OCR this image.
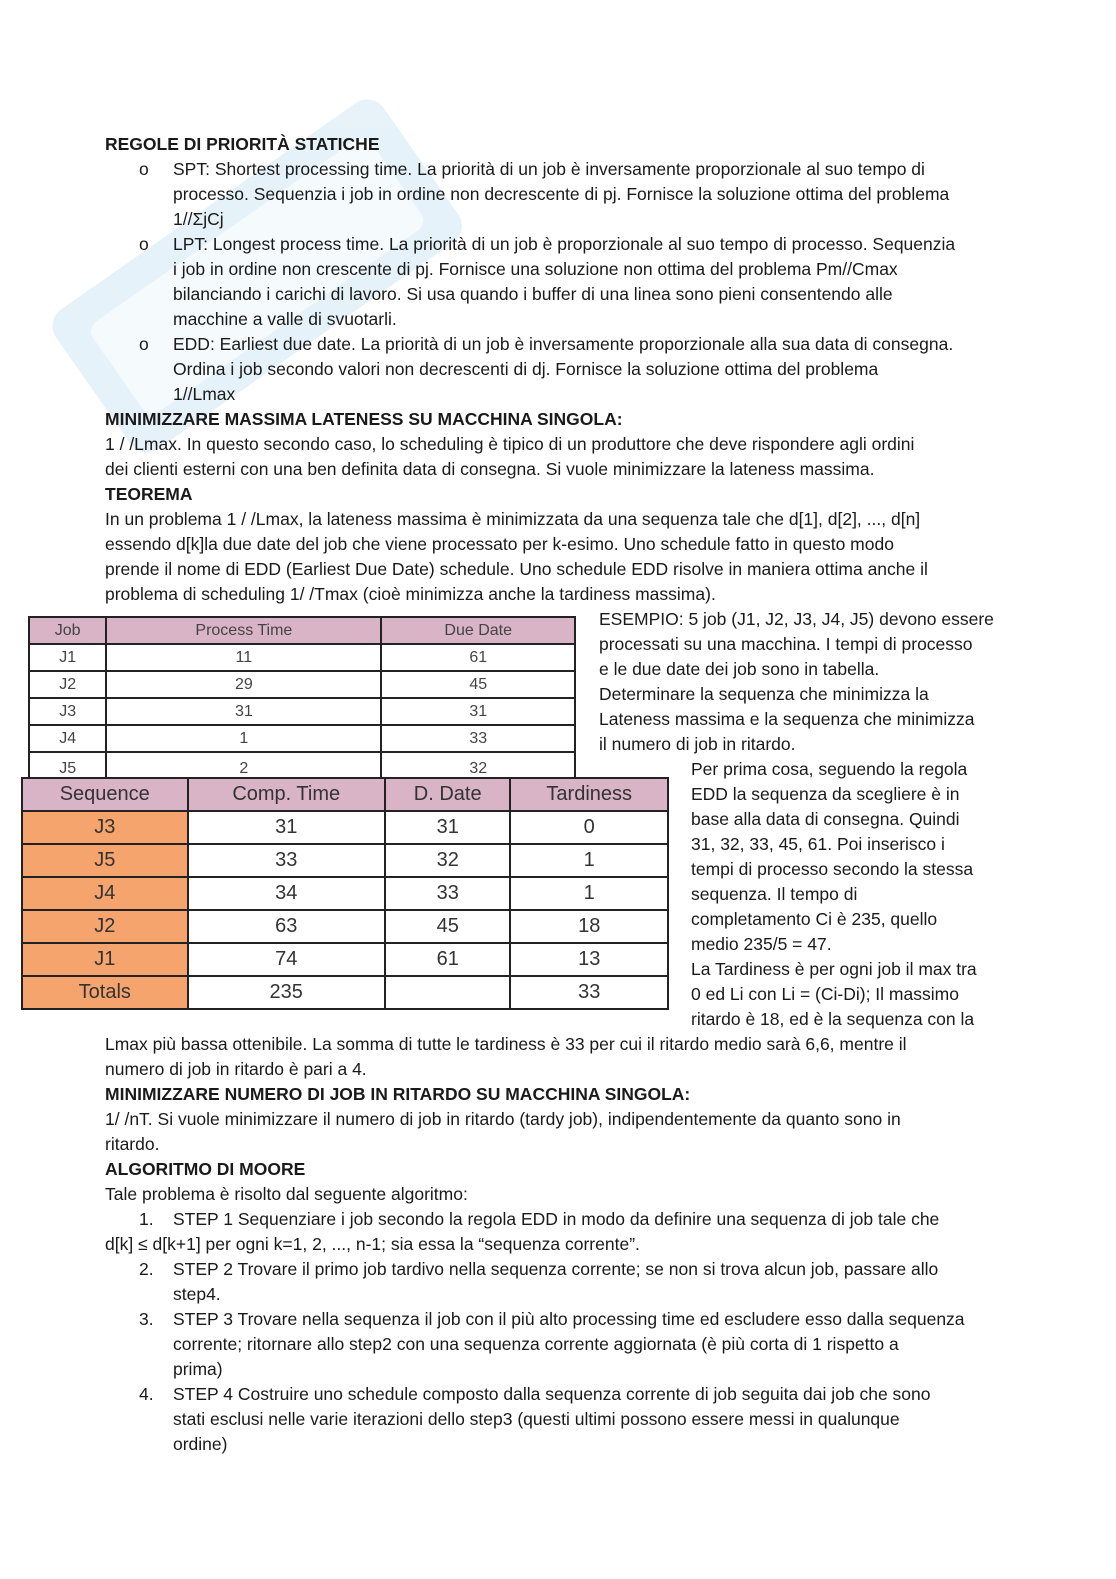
REGOLE DI PRIORITÀ STATICHE

o SPT: Shortest processing time. La priorità di un job è inversamente proporzionale al suo tempo di

processo. Sequenzia i job in ordine non decrescente di pj. Fornisce la soluzione ottima del problema

1//ΣjCj

o LPT: Longest process time. La priorità di un job è proporzionale al suo tempo di processo. Sequenzia

i job in ordine non crescente di pj. Fornisce una soluzione non ottima del problema Pm//Cmax

bilanciando i carichi di lavoro. Si usa quando i buffer di una linea sono pieni consentendo alle

macchine a valle di svuotarli.

o EDD: Earliest due date. La priorità di un job è inversamente proporzionale alla sua data di consegna.

Ordina i job secondo valori non decrescenti di dj. Fornisce la soluzione ottima del problema

1//Lmax

MINIMIZZARE MASSIMA LATENESS SU MACCHINA SINGOLA:

1 / /Lmax. In questo secondo caso, lo scheduling è tipico di un produttore che deve rispondere agli ordini

dei clienti esterni con una ben definita data di consegna. Si vuole minimizzare la lateness massima.

TEOREMA

In un problema 1 / /Lmax, la lateness massima è minimizzata da una sequenza tale che d[1], d[2], ..., d[n]

essendo d[k]la due date del job che viene processato per k-esimo. Uno schedule fatto in questo modo

prende il nome di EDD (Earliest Due Date) schedule. Uno schedule EDD risolve in maniera ottima anche il

problema di scheduling 1/ /Tmax (cioè minimizza anche la tardiness massima).

Job	Process Time	Due Date
J1	11	61
J2	29	45
J3	31	31
J4	1	33
J5	2	32

ESEMPIO: 5 job (J1, J2, J3, J4, J5) devono essere

processati su una macchina. I tempi di processo

e le due date dei job sono in tabella.

Determinare la sequenza che minimizza la

Lateness massima e la sequenza che minimizza

il numero di job in ritardo.

Sequence	Comp. Time	D. Date	Tardiness
J3	31	31	0
J5	33	32	1
J4	34	33	1
J2	63	45	18
J1	74	61	13
Totals	235		33

Per prima cosa, seguendo la regola

EDD la sequenza da scegliere è in

base alla data di consegna. Quindi

31, 32, 33, 45, 61. Poi inserisco i

tempi di processo secondo la stessa

sequenza. Il tempo di

completamento Ci è 235, quello

medio 235/5 = 47.

La Tardiness è per ogni job il max tra

0 ed Li con Li = (Ci-Di); Il massimo

ritardo è 18, ed è la sequenza con la

Lmax più bassa ottenibile. La somma di tutte le tardiness è 33 per cui il ritardo medio sarà 6,6, mentre il

numero di job in ritardo è pari a 4.

MINIMIZZARE NUMERO DI JOB IN RITARDO SU MACCHINA SINGOLA:

1/ /nT. Si vuole minimizzare il numero di job in ritardo (tardy job), indipendentemente da quanto sono in

ritardo.

ALGORITMO DI MOORE

Tale problema è risolto dal seguente algoritmo:

1. STEP 1 Sequenziare i job secondo la regola EDD in modo da definire una sequenza di job tale che

d[k] ≤ d[k+1] per ogni k=1, 2, ..., n-1; sia essa la “sequenza corrente”.

2. STEP 2 Trovare il primo job tardivo nella sequenza corrente; se non si trova alcun job, passare allo

step4.

3. STEP 3 Trovare nella sequenza il job con il più alto processing time ed escludere esso dalla sequenza

corrente; ritornare allo step2 con una sequenza corrente aggiornata (è più corta di 1 rispetto a

prima)

4. STEP 4 Costruire uno schedule composto dalla sequenza corrente di job seguita dai job che sono

stati esclusi nelle varie iterazioni dello step3 (questi ultimi possono essere messi in qualunque

ordine)
